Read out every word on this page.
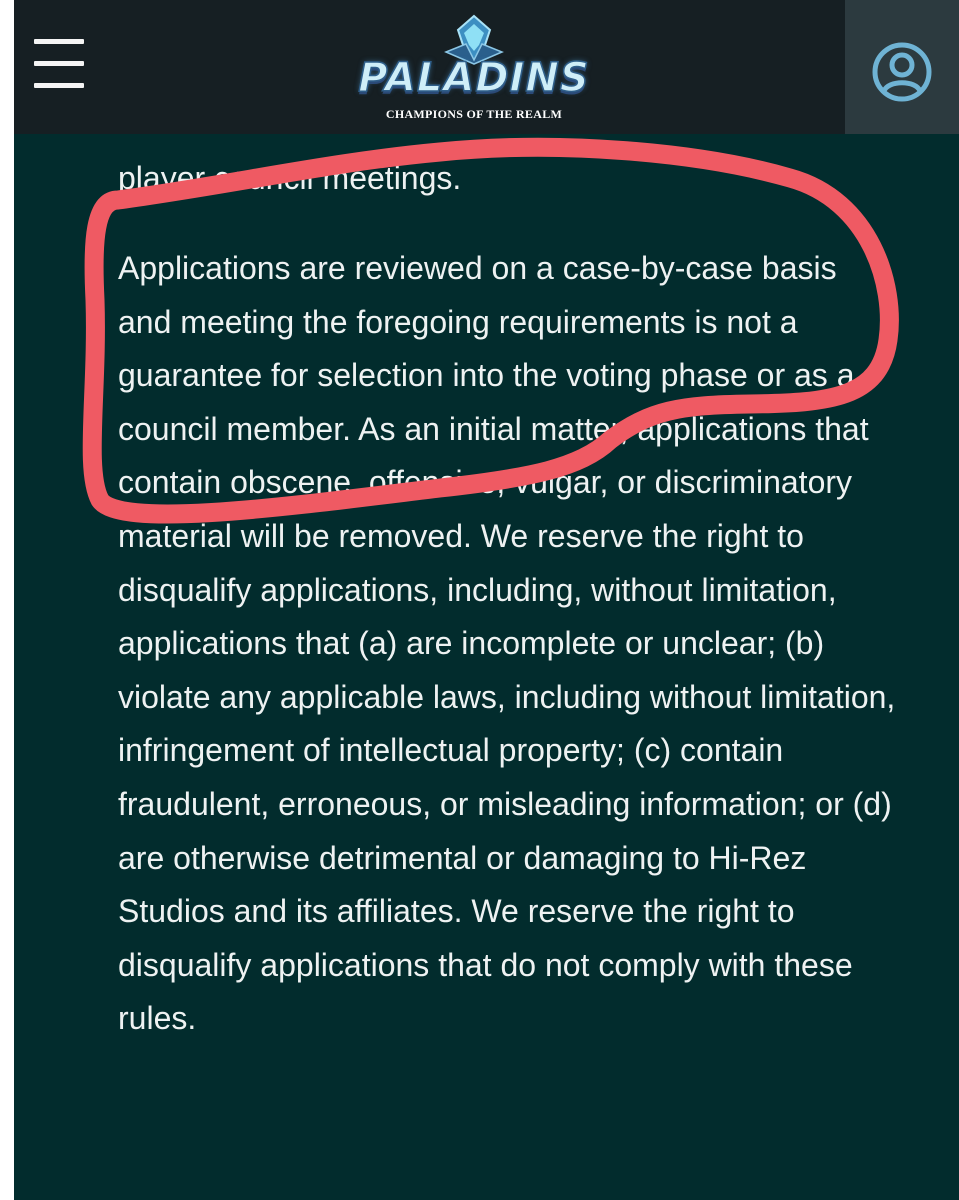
PALADINS
CHAMPIONS OF THE REALM

player council meetings.

Applications are reviewed on a case-by-case basis and meeting the foregoing requirements is not a guarantee for selection into the voting phase or as a council member. As an initial matter, applications that contain obscene, offensive, vulgar, or discriminatory material will be removed. We reserve the right to disqualify applications, including, without limitation, applications that (a) are incomplete or unclear; (b) violate any applicable laws, including without limitation, infringement of intellectual property; (c) contain fraudulent, erroneous, or misleading information; or (d) are otherwise detrimental or damaging to Hi-Rez Studios and its affiliates. We reserve the right to disqualify applications that do not comply with these rules.
